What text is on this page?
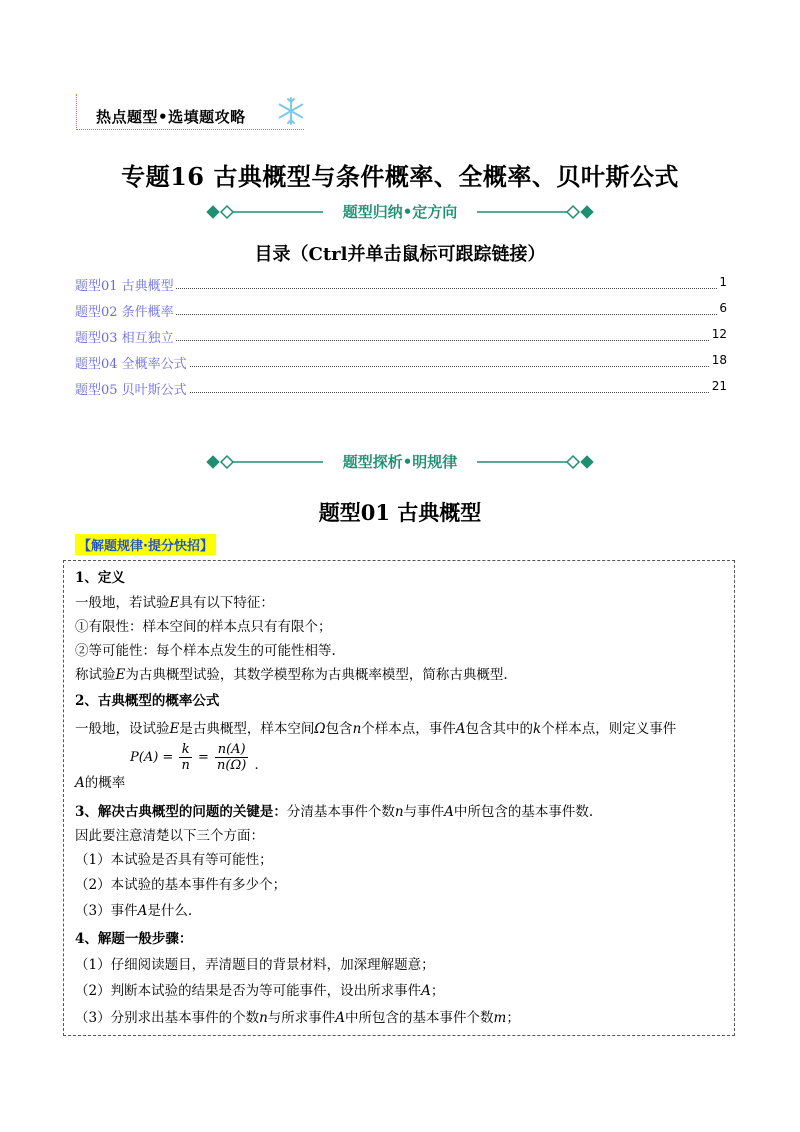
热点题型•选填题攻略
专题16 古典概型与条件概率、全概率、贝叶斯公式
题型归纳•定方向
目录（Ctrl并单击鼠标可跟踪链接）
题型01 古典概型	1
题型02 条件概率	6
题型03 相互独立	12
题型04 全概率公式	18
题型05 贝叶斯公式	21
题型探析•明规律
题型01 古典概型
【解题规律·提分快招】
1、定义
一般地，若试验E具有以下特征：
①有限性：样本空间的样本点只有有限个；
②等可能性：每个样本点发生的可能性相等.
称试验E为古典概型试验，其数学模型称为古典概率模型，简称古典概型.
2、古典概型的概率公式
一般地，设试验E是古典概型，样本空间Ω包含n个样本点，事件A包含其中的k个样本点，则定义事件
$P(A) = \frac{k}{n} = \frac{n(A)}{n(\Omega)}$ .
A的概率
3、解决古典概型的问题的关键是：分清基本事件个数n与事件A中所包含的基本事件数.
因此要注意清楚以下三个方面：
（1）本试验是否具有等可能性；
（2）本试验的基本事件有多少个；
（3）事件A是什么.
4、解题一般步骤：
（1）仔细阅读题目，弄清题目的背景材料，加深理解题意；
（2）判断本试验的结果是否为等可能事件，设出所求事件A；
（3）分别求出基本事件的个数n与所求事件A中所包含的基本事件个数m；
